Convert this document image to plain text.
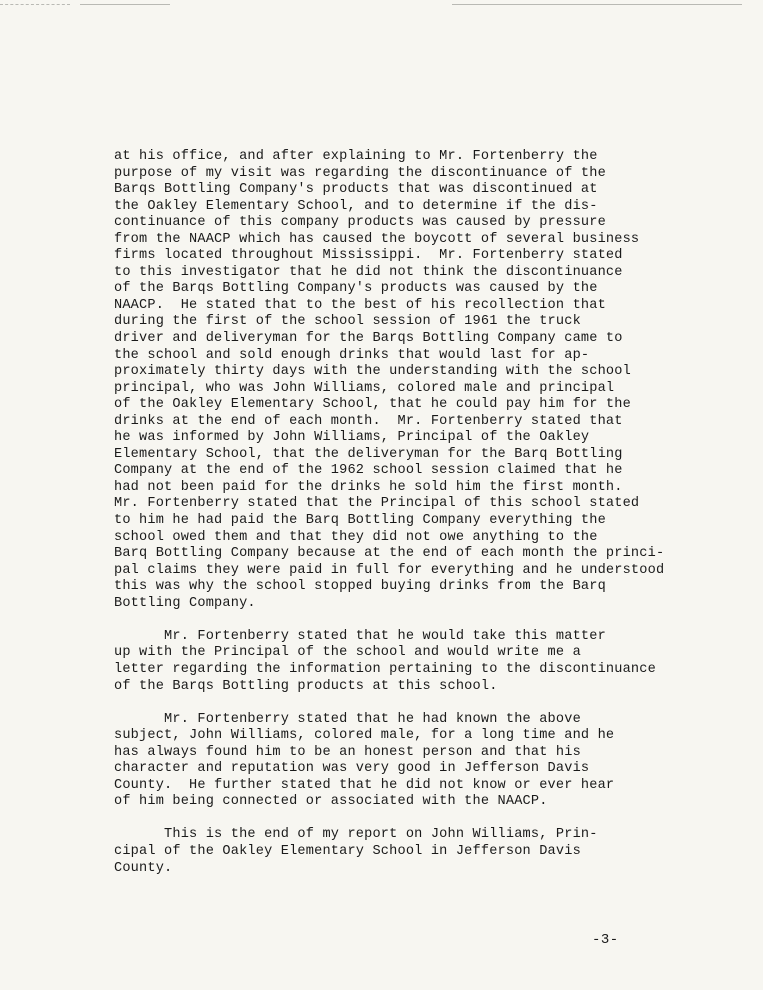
at his office, and after explaining to Mr. Fortenberry the
purpose of my visit was regarding the discontinuance of the
Barqs Bottling Company's products that was discontinued at
the Oakley Elementary School, and to determine if the dis-
continuance of this company products was caused by pressure
from the NAACP which has caused the boycott of several business
firms located throughout Mississippi.  Mr. Fortenberry stated
to this investigator that he did not think the discontinuance
of the Barqs Bottling Company's products was caused by the
NAACP.  He stated that to the best of his recollection that
during the first of the school session of 1961 the truck
driver and deliveryman for the Barqs Bottling Company came to
the school and sold enough drinks that would last for ap-
proximately thirty days with the understanding with the school
principal, who was John Williams, colored male and principal
of the Oakley Elementary School, that he could pay him for the
drinks at the end of each month.  Mr. Fortenberry stated that
he was informed by John Williams, Principal of the Oakley
Elementary School, that the deliveryman for the Barq Bottling
Company at the end of the 1962 school session claimed that he
had not been paid for the drinks he sold him the first month.
Mr. Fortenberry stated that the Principal of this school stated
to him he had paid the Barq Bottling Company everything the
school owed them and that they did not owe anything to the
Barq Bottling Company because at the end of each month the princi-
pal claims they were paid in full for everything and he understood
this was why the school stopped buying drinks from the Barq
Bottling Company.
Mr. Fortenberry stated that he would take this matter
up with the Principal of the school and would write me a
letter regarding the information pertaining to the discontinuance
of the Barqs Bottling products at this school.
Mr. Fortenberry stated that he had known the above
subject, John Williams, colored male, for a long time and he
has always found him to be an honest person and that his
character and reputation was very good in Jefferson Davis
County.  He further stated that he did not know or ever hear
of him being connected or associated with the NAACP.
This is the end of my report on John Williams, Prin-
cipal of the Oakley Elementary School in Jefferson Davis
County.
-3-
